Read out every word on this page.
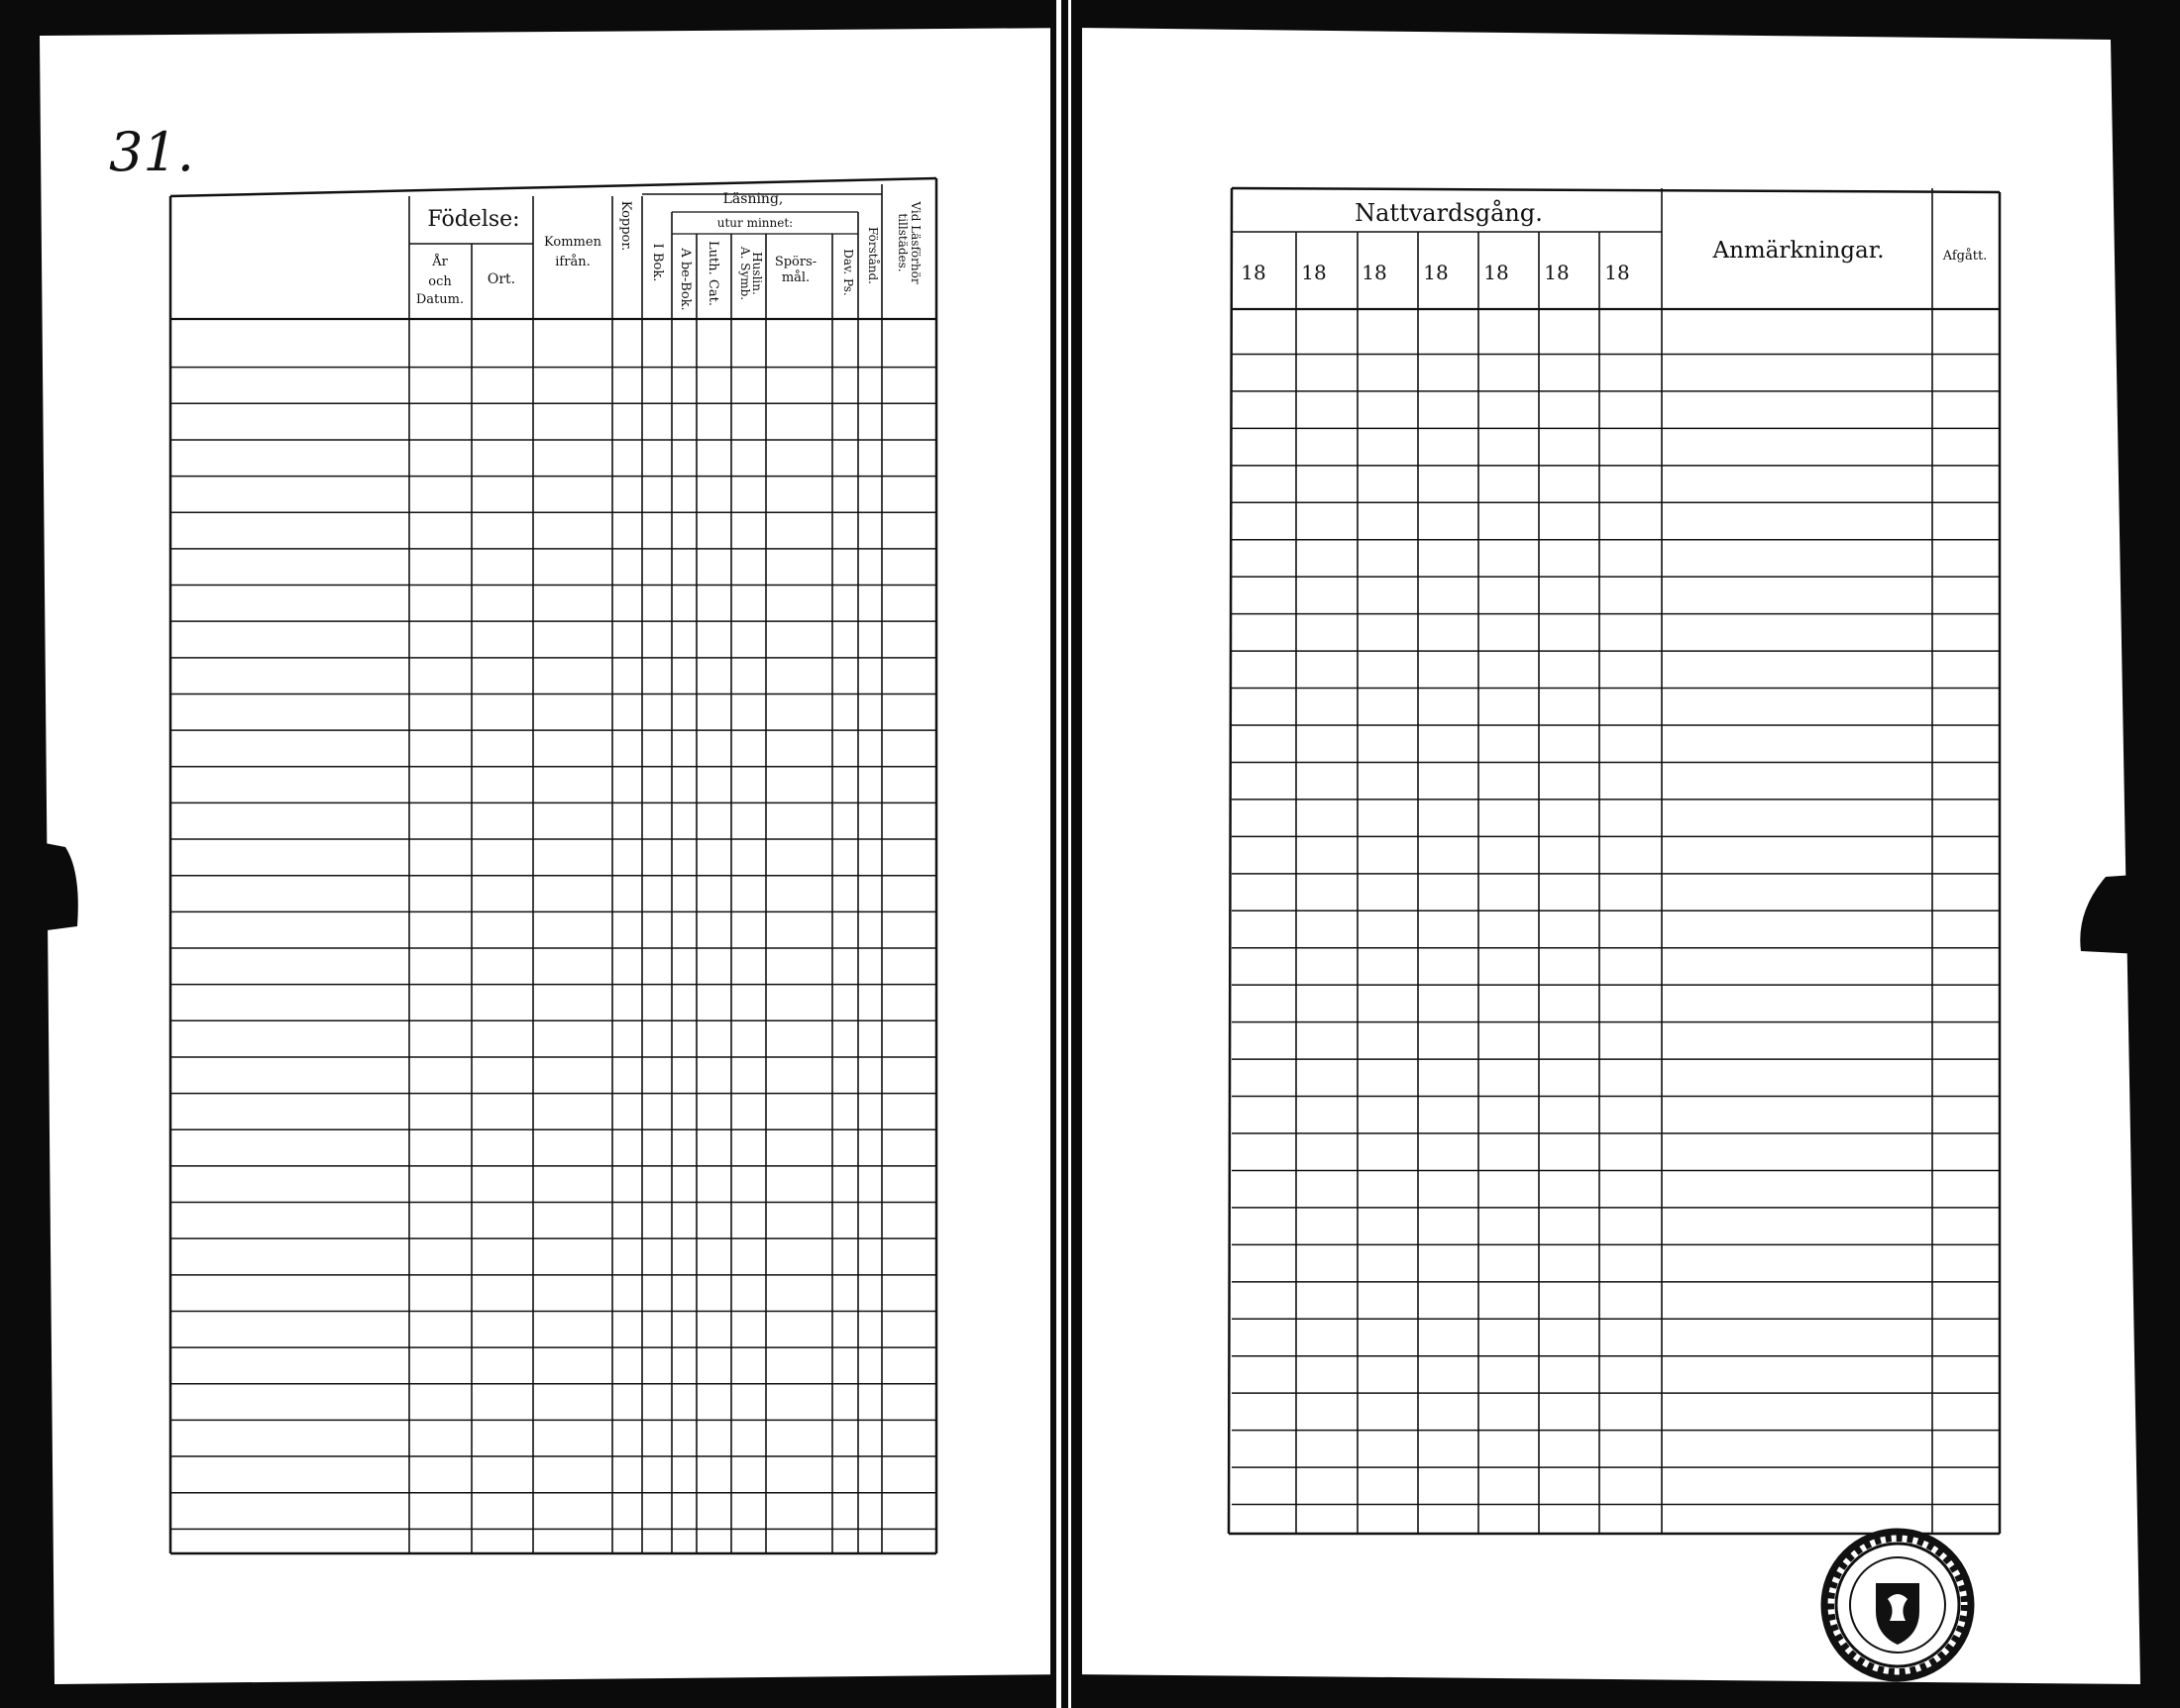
31.
Födelse:
År
och
Datum.
Ort.
Kommen
ifrån.
Koppor.
Läsning,
utur minnet:
I Bok. A be-Bok. Luth. Cat. A. Symb.
Huslin. Spörs-
mål.	Dav. Ps. Förstånd. Vid Läsförhör
tillstädes.
Nattvardsgång.
18 18 18 18 18 18 18
Anmärkningar.	Afgått.
